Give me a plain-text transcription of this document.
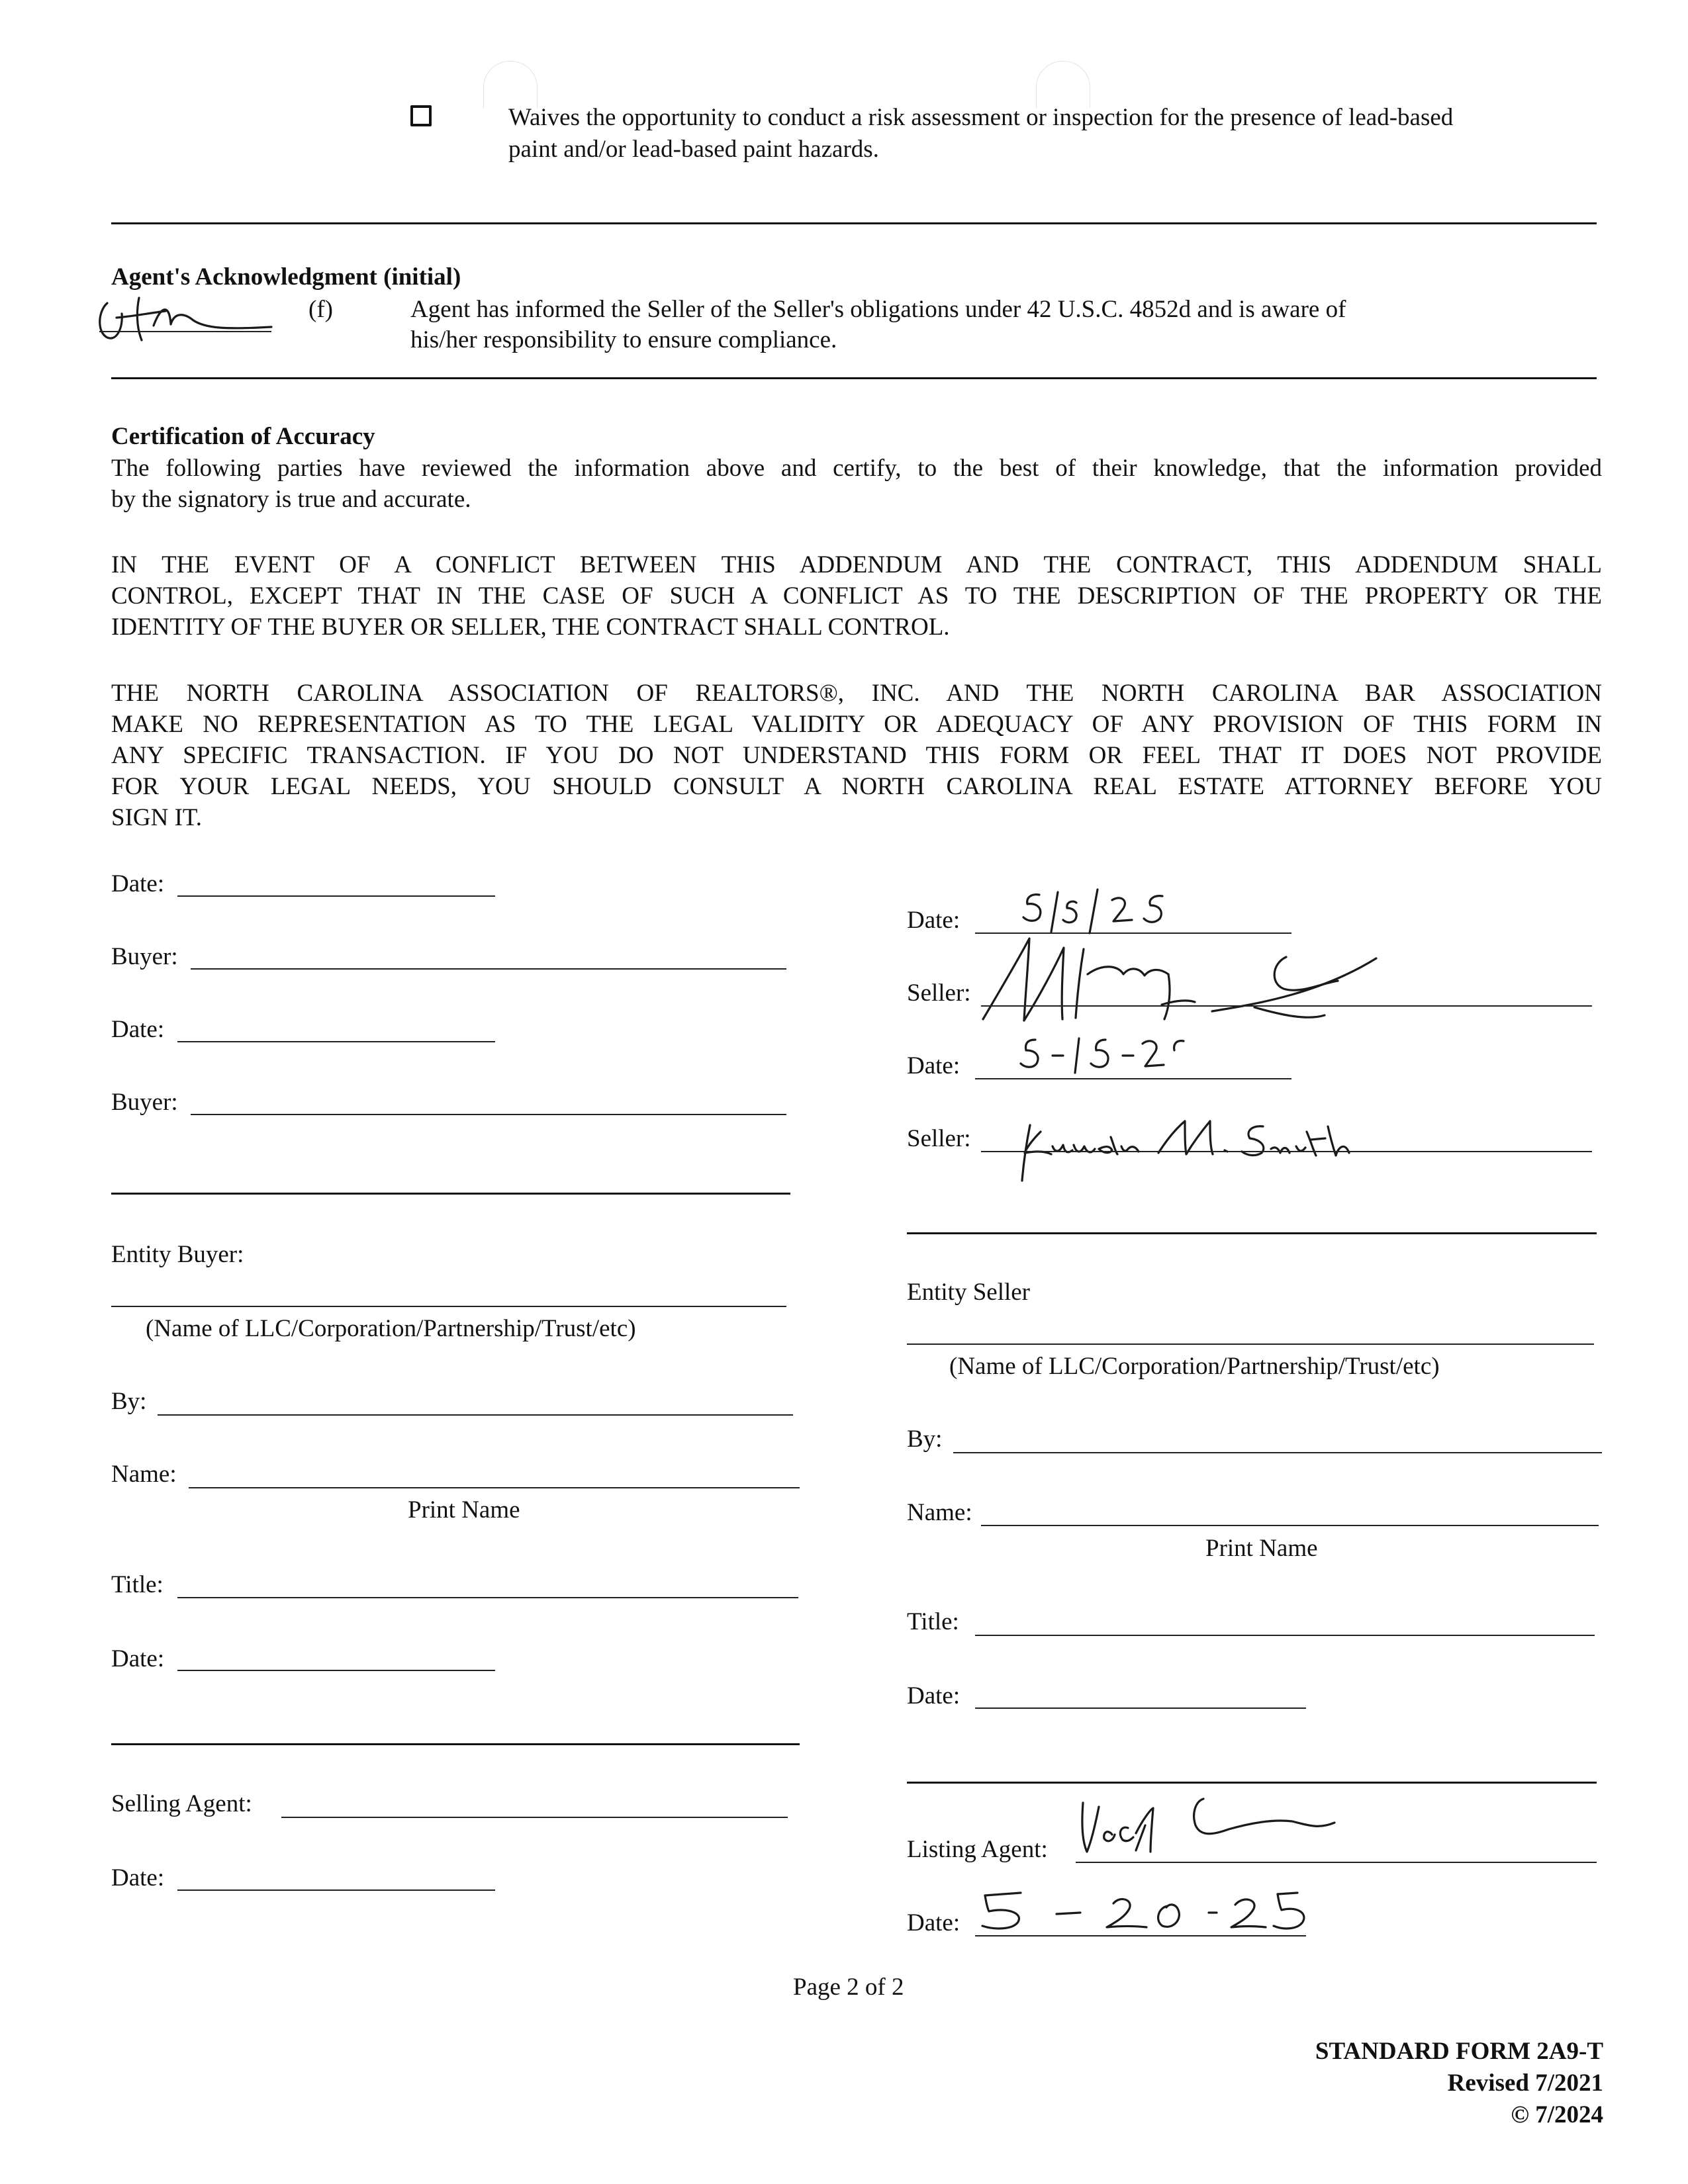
Waives the opportunity to conduct a risk assessment or inspection for the presence of lead-based
paint and/or lead-based paint hazards.
Agent's Acknowledgment (initial)
(f)	Agent has informed the Seller of the Seller's obligations under 42 U.S.C. 4852d and is aware of
his/her responsibility to ensure compliance.
Certification of Accuracy
The following parties have reviewed the information above and certify, to the best of their knowledge, that the information provided
by the signatory is true and accurate.
IN THE EVENT OF A CONFLICT BETWEEN THIS ADDENDUM AND THE CONTRACT, THIS ADDENDUM SHALL
CONTROL, EXCEPT THAT IN THE CASE OF SUCH A CONFLICT AS TO THE DESCRIPTION OF THE PROPERTY OR THE
IDENTITY OF THE BUYER OR SELLER, THE CONTRACT SHALL CONTROL.
THE NORTH CAROLINA ASSOCIATION OF REALTORS®, INC. AND THE NORTH CAROLINA BAR ASSOCIATION
MAKE NO REPRESENTATION AS TO THE LEGAL VALIDITY OR ADEQUACY OF ANY PROVISION OF THIS FORM IN
ANY SPECIFIC TRANSACTION. IF YOU DO NOT UNDERSTAND THIS FORM OR FEEL THAT IT DOES NOT PROVIDE
FOR YOUR LEGAL NEEDS, YOU SHOULD CONSULT A NORTH CAROLINA REAL ESTATE ATTORNEY BEFORE YOU
SIGN IT.
Date:
Buyer:
Date:
Buyer:
Entity Buyer:
(Name of LLC/Corporation/Partnership/Trust/etc)
By:
Name:
Print Name
Title:
Date:
Selling Agent:
Date:
Date:
Seller:
Date:
Seller:
Entity Seller
(Name of LLC/Corporation/Partnership/Trust/etc)
By:
Name:
Print Name
Title:
Date:
Listing Agent:
Date:
Page 2 of 2
STANDARD FORM 2A9-T
Revised 7/2021
© 7/2024
